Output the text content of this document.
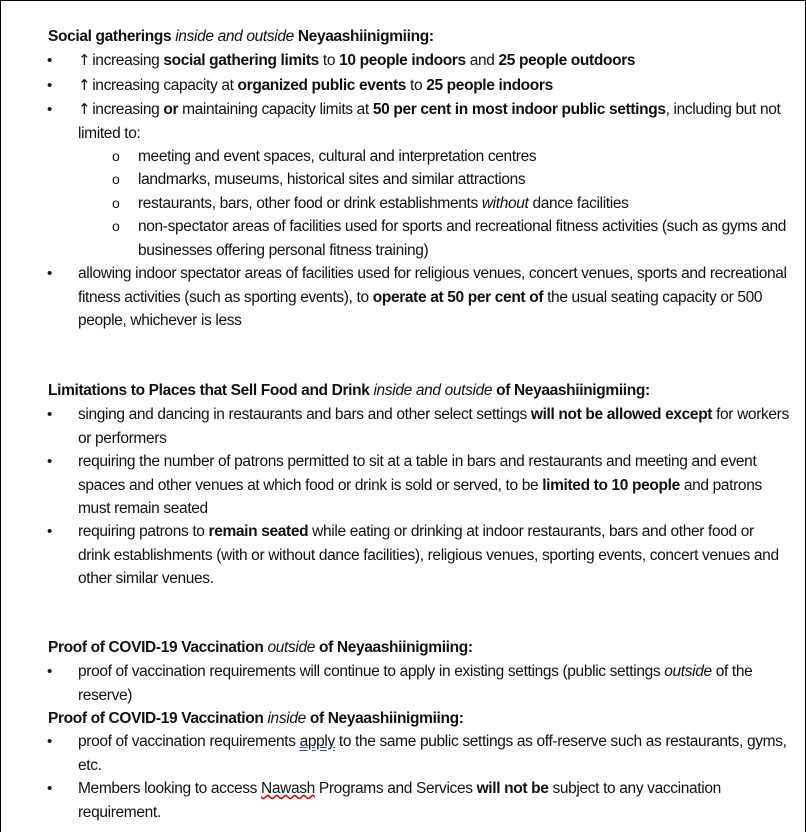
Social gatherings inside and outside Neyaashiinigmiing:
• ↑ increasing social gathering limits to 10 people indoors and 25 people outdoors
• ↑ increasing capacity at organized public events to 25 people indoors
• ↑ increasing or maintaining capacity limits at 50 per cent in most indoor public settings, including but not limited to:
o meeting and event spaces, cultural and interpretation centres
o landmarks, museums, historical sites and similar attractions
o restaurants, bars, other food or drink establishments without dance facilities
o non-spectator areas of facilities used for sports and recreational fitness activities (such as gyms and businesses offering personal fitness training)
• allowing indoor spectator areas of facilities used for religious venues, concert venues, sports and recreational fitness activities (such as sporting events), to operate at 50 per cent of the usual seating capacity or 500 people, whichever is less
Limitations to Places that Sell Food and Drink inside and outside of Neyaashiinigmiing:
• singing and dancing in restaurants and bars and other select settings will not be allowed except for workers or performers
• requiring the number of patrons permitted to sit at a table in bars and restaurants and meeting and event spaces and other venues at which food or drink is sold or served, to be limited to 10 people and patrons must remain seated
• requiring patrons to remain seated while eating or drinking at indoor restaurants, bars and other food or drink establishments (with or without dance facilities), religious venues, sporting events, concert venues and other similar venues.
Proof of COVID-19 Vaccination outside of Neyaashiinigmiing:
• proof of vaccination requirements will continue to apply in existing settings (public settings outside of the reserve)
Proof of COVID-19 Vaccination inside of Neyaashiinigmiing:
• proof of vaccination requirements apply to the same public settings as off-reserve such as restaurants, gyms, etc.
• Members looking to access Nawash Programs and Services will not be subject to any vaccination requirement.
